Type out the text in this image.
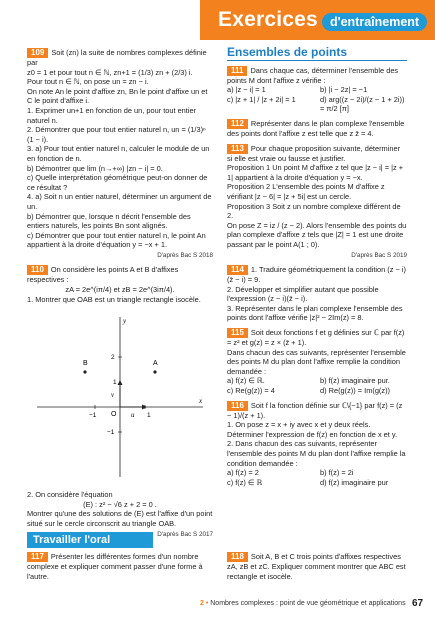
Exercices d'entraînement
109 Soit (zn) la suite de nombres complexes définie par
z0 = 1 et pour tout n ∈ ℕ, zn+1 = (1/3) zn + (2/3) i.
Pour tout n ∈ ℕ, on pose un = zn − i.
On note An le point d'affixe zn, Bn le point d'affixe un et C le point d'affixe i.
1. Exprimer un+1 en fonction de un, pour tout entier naturel n.
2. Démontrer que pour tout entier naturel n, un = (1/3)ⁿ (1 − i).
3. a) Pour tout entier naturel n, calculer le module de un en fonction de n.
b) Démontrer que lim (n→+∞) |zn − i| = 0.
c) Quelle interprétation géométrique peut-on donner de ce résultat ?
4. a) Soit n un entier naturel, déterminer un argument de un.
b) Démontrer que, lorsque n décrit l'ensemble des entiers naturels, les points Bn sont alignés.
c) Démontrer que pour tout entier naturel n, le point An appartient à la droite d'équation y = −x + 1.
D'après Bac S 2018
110 On considère les points A et B d'affixes respectives :
zA = 2e^(iπ/4) et zB = 2e^(3iπ/4).
1. Montrer que OAB est un triangle rectangle isocèle.
B	A
y
x
O
v
u
2
1
−1	1
−1
2. On considère l'équation
(E) : z² − √6 z + 2 = 0 .
Montrer qu'une des solutions de (E) est l'affixe d'un point situé sur le cercle circonscrit au triangle OAB.
D'après Bac S 2017
Ensembles de points
111 Dans chaque cas, déterminer l'ensemble des points M dont l'affixe z vérifie :
a) |z − i| = 1	b) |i − 2z| = −1
c) |z + 1| / |z + 2i| = 1	d) arg((z − 2i)/(z − 1 + 2i)) = π/2 [π]
112 Représenter dans le plan complexe l'ensemble des points dont l'affixe z est telle que z z̄ = 4.
113 Pour chaque proposition suivante, déterminer si elle est vraie ou fausse et justifier.
Proposition 1 Un point M d'affixe z tel que |z − i| = |z + 1| appartient à la droite d'équation y = −x.
Proposition 2 L'ensemble des points M d'affixe z vérifiant |z − 6| = |z + 5i| est un cercle.
Proposition 3 Soit z un nombre complexe différent de 2.
On pose Z = iz / (z − 2). Alors l'ensemble des points du plan complexe d'affixe z tels que |Z| = 1 est une droite passant par le point A(1 ; 0).
D'après Bac S 2019
114 1. Traduire géométriquement la condition (z − i)(z̄ − i) = 9.
2. Développer et simplifier autant que possible l'expression (z − i)(z̄ − i).
3. Représenter dans le plan complexe l'ensemble des points dont l'affixe vérifie |z|² − 2Im(z) = 8.
115 Soit deux fonctions f et g définies sur ℂ par f(z) = z² et g(z) = z × (z̄ + 1).
Dans chacun des cas suivants, représenter l'ensemble des points M du plan dont l'affixe remplie la condition demandée :
a) f(z) ∈ ℝ.	b) f(z) imaginaire pur.
c) Re(g(z)) = 4	d) Re(g(z)) = Im(g(z))
116 Soit f la fonction définie sur ℂ\{−1} par f(z) = (z − 1)/(z + 1).
1. On pose z = x + iy avec x et y deux réels. Déterminer l'expression de f(z) en fonction de x et y.
2. Dans chacun des cas suivants, représenter l'ensemble des points M du plan dont l'affixe remplie la condition demandée :
a) f(z) = 2	b) f(z) = 2i
c) f(z) ∈ ℝ	d) f(z) imaginaire pur
Travailler l'oral
117 Présenter les différentes formes d'un nombre complexe et expliquer comment passer d'une forme à l'autre.
118 Soit A, B et C trois points d'affixes respectives zA, zB et zC. Expliquer comment montrer que ABC est rectangle et isocèle.
2 • Nombres complexes : point de vue géométrique et applications 67
